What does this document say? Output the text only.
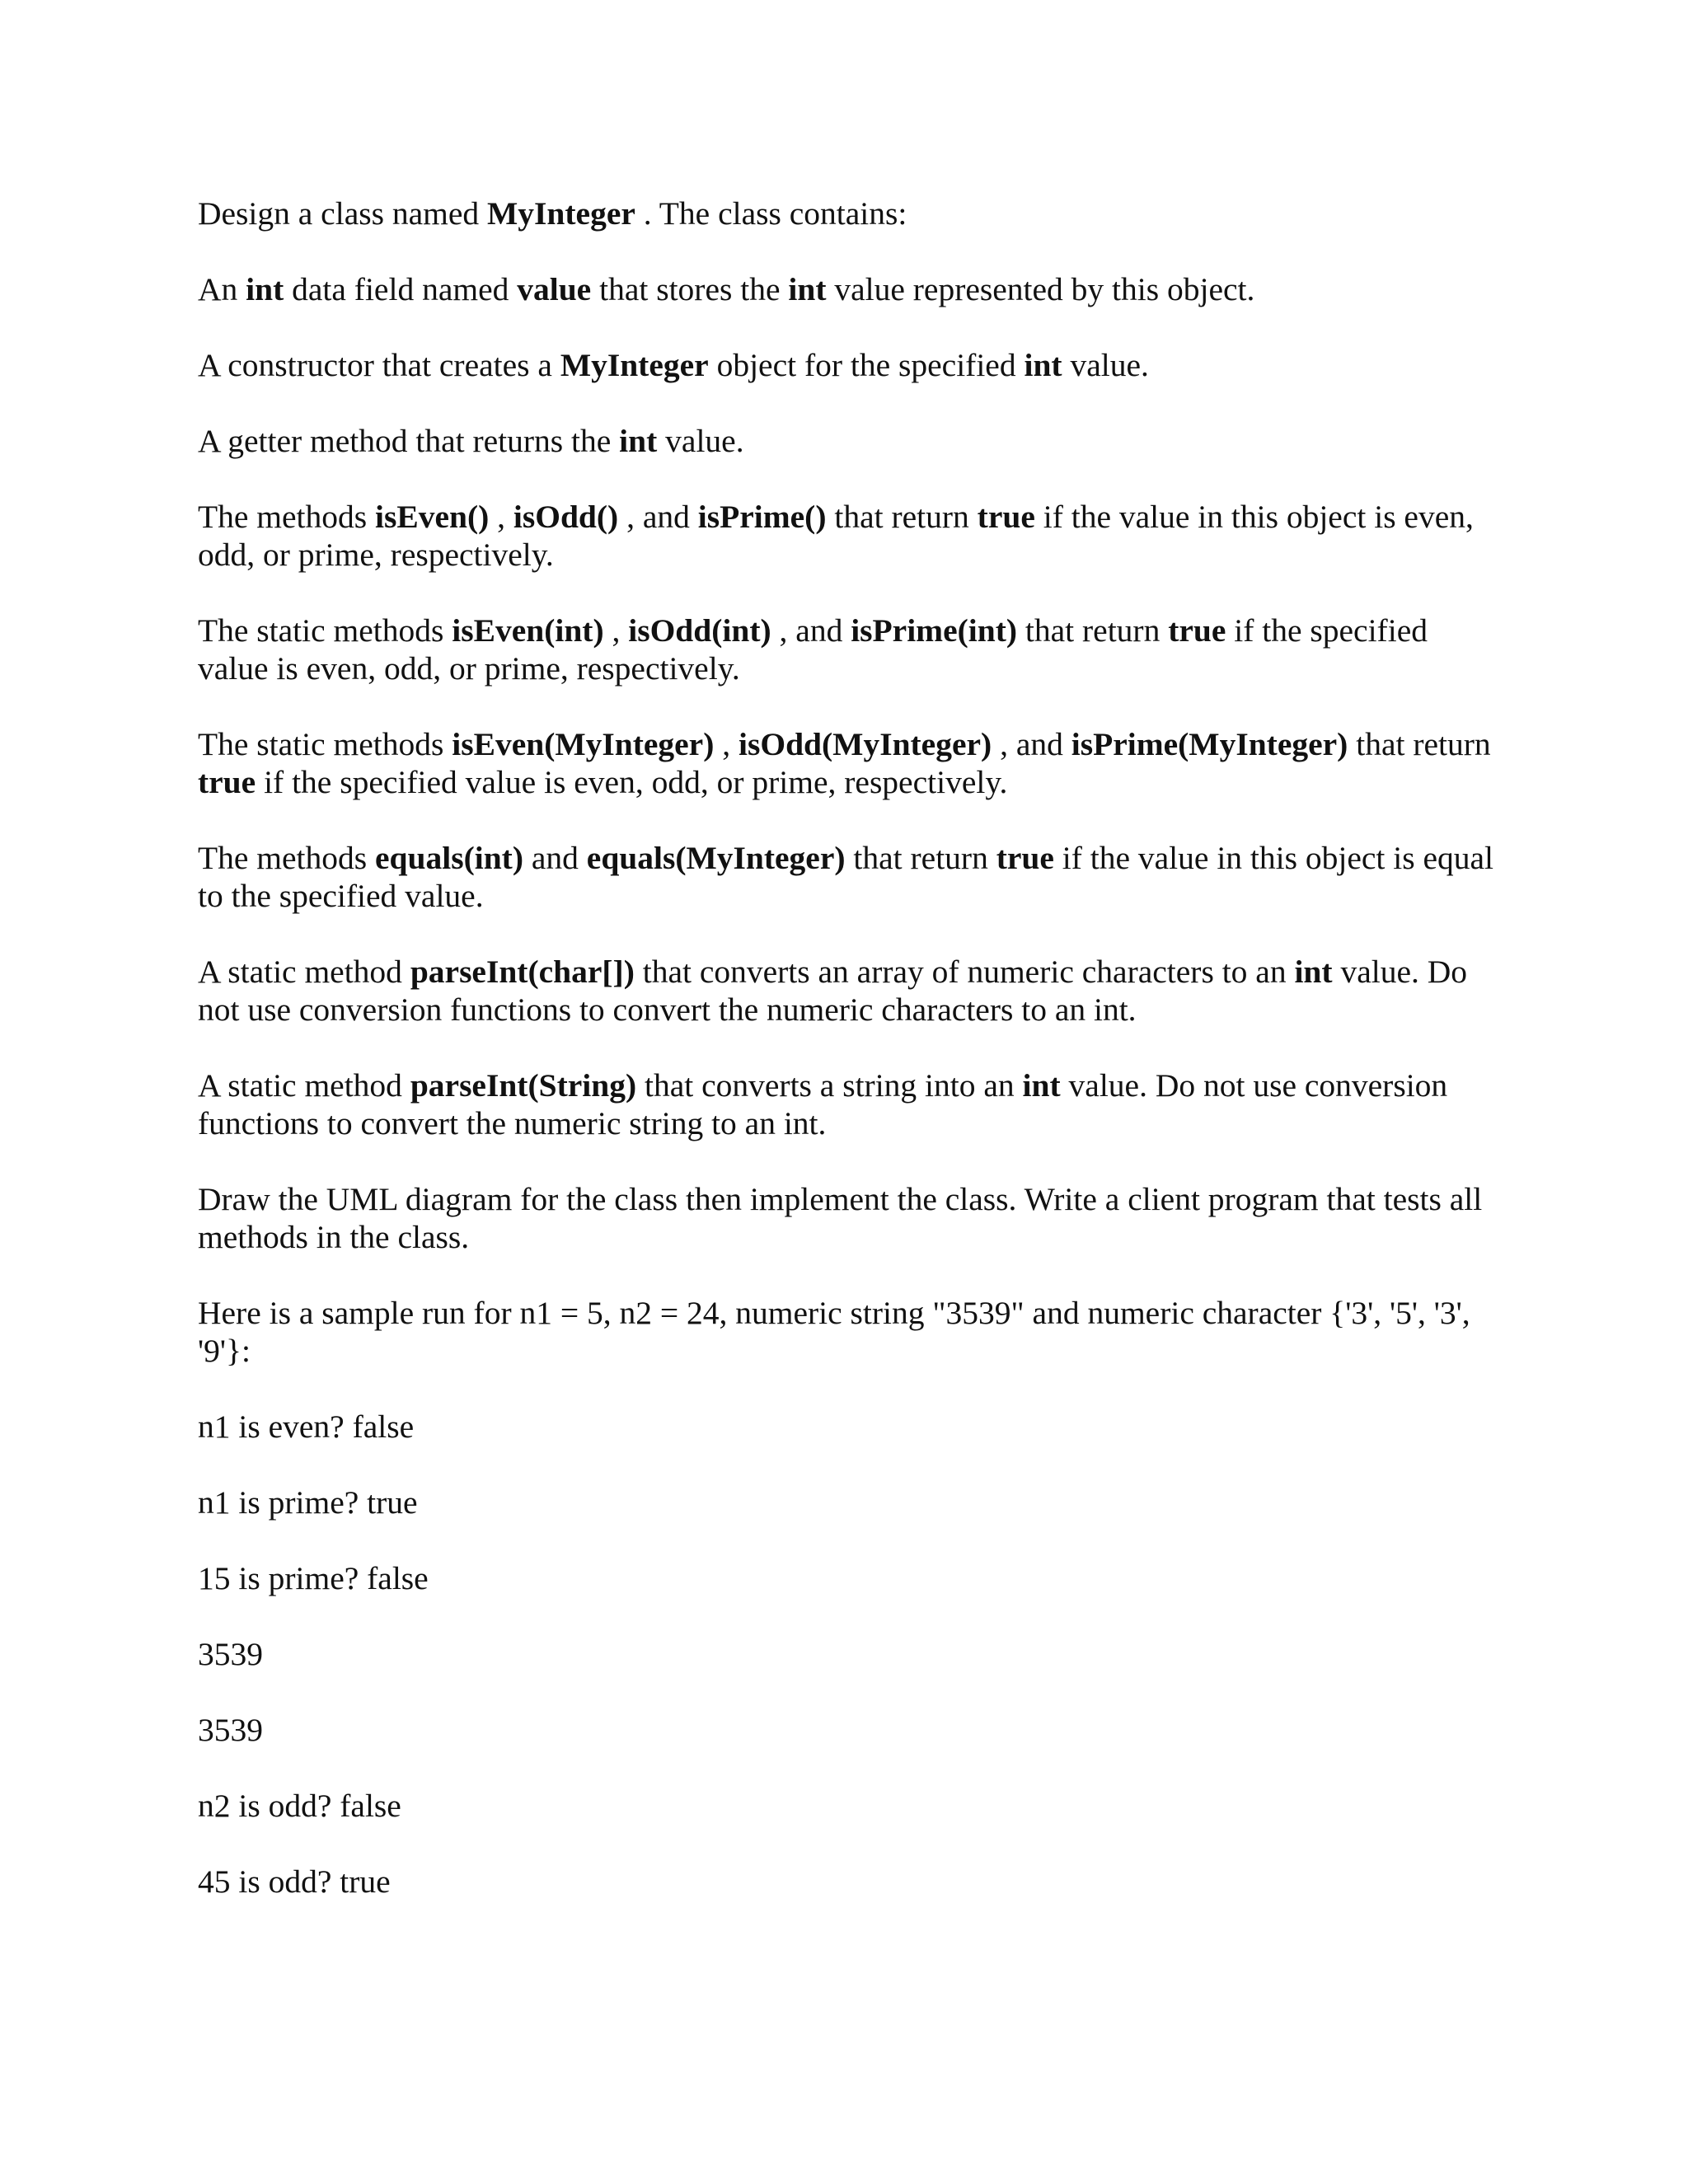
Design a class named MyInteger . The class contains:

An int data field named value that stores the int value represented by this object.

A constructor that creates a MyInteger object for the specified int value.

A getter method that returns the int value.

The methods isEven() , isOdd() , and isPrime() that return true if the value in this object is even, odd, or prime, respectively.

The static methods isEven(int) , isOdd(int) , and isPrime(int) that return true if the specified value is even, odd, or prime, respectively.

The static methods isEven(MyInteger) , isOdd(MyInteger) , and isPrime(MyInteger) that return true if the specified value is even, odd, or prime, respectively.

The methods equals(int) and equals(MyInteger) that return true if the value in this object is equal to the specified value.

A static method parseInt(char[]) that converts an array of numeric characters to an int value. Do not use conversion functions to convert the numeric characters to an int.

A static method parseInt(String) that converts a string into an int value. Do not use conversion functions to convert the numeric string to an int.

Draw the UML diagram for the class then implement the class. Write a client program that tests all methods in the class.

Here is a sample run for n1 = 5, n2 = 24, numeric string "3539" and numeric character {'3', '5', '3', '9'}:

n1 is even? false

n1 is prime? true

15 is prime? false

3539

3539

n2 is odd? false

45 is odd? true
